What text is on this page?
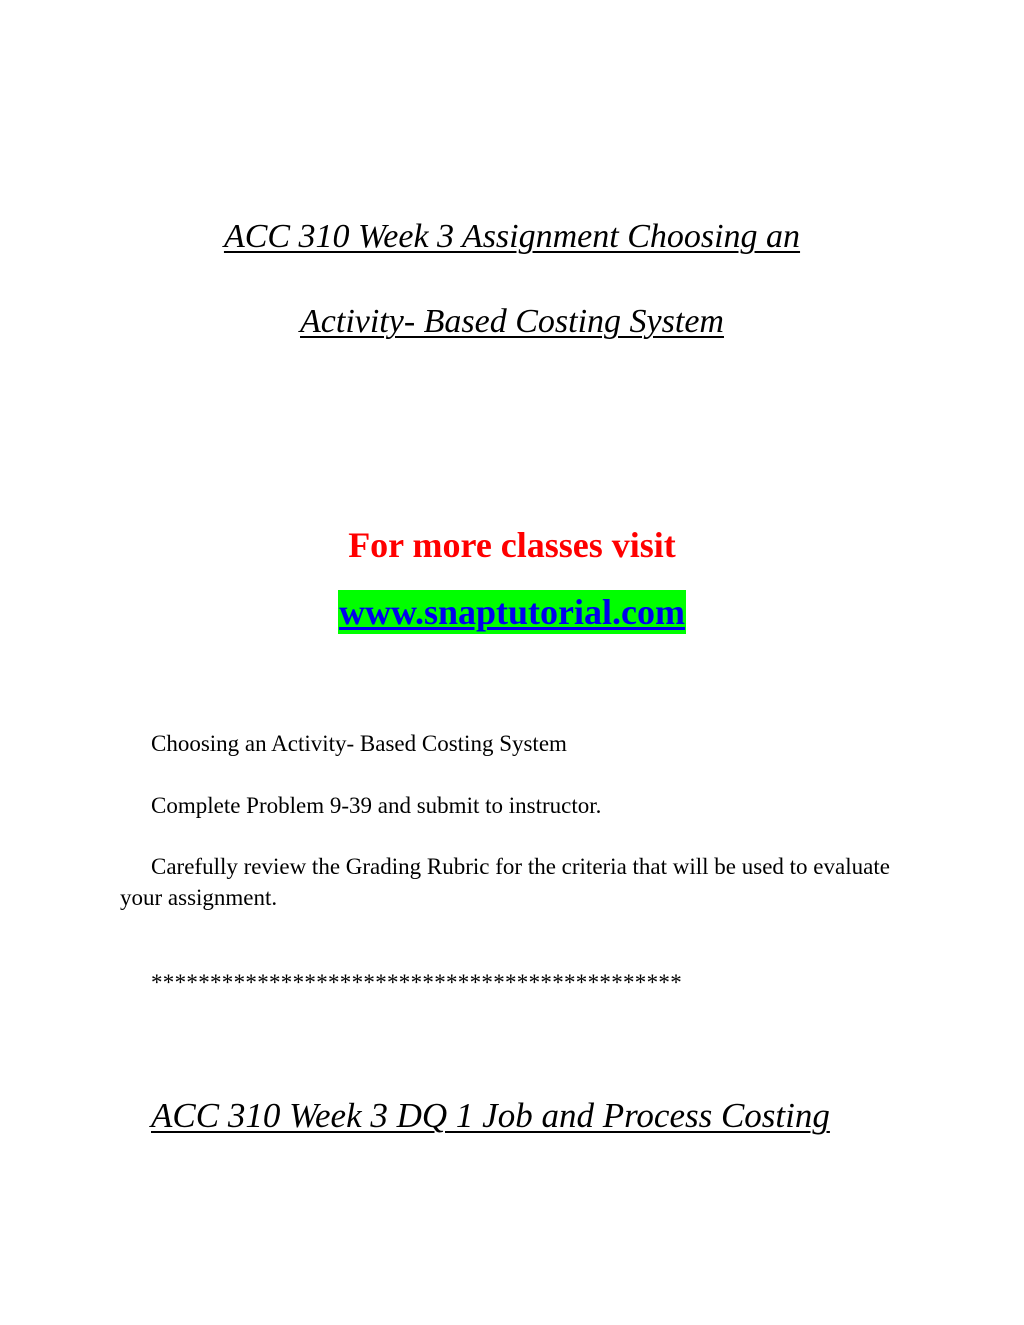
ACC 310 Week 3 Assignment Choosing an
Activity- Based Costing System
For more classes visit
www.snaptutorial.com
Choosing an Activity- Based Costing System
Complete Problem 9-39 and submit to instructor.
Carefully review the Grading Rubric for the criteria that will be used to evaluate your assignment.
*********************************************
ACC 310 Week 3 DQ 1 Job and Process Costing
